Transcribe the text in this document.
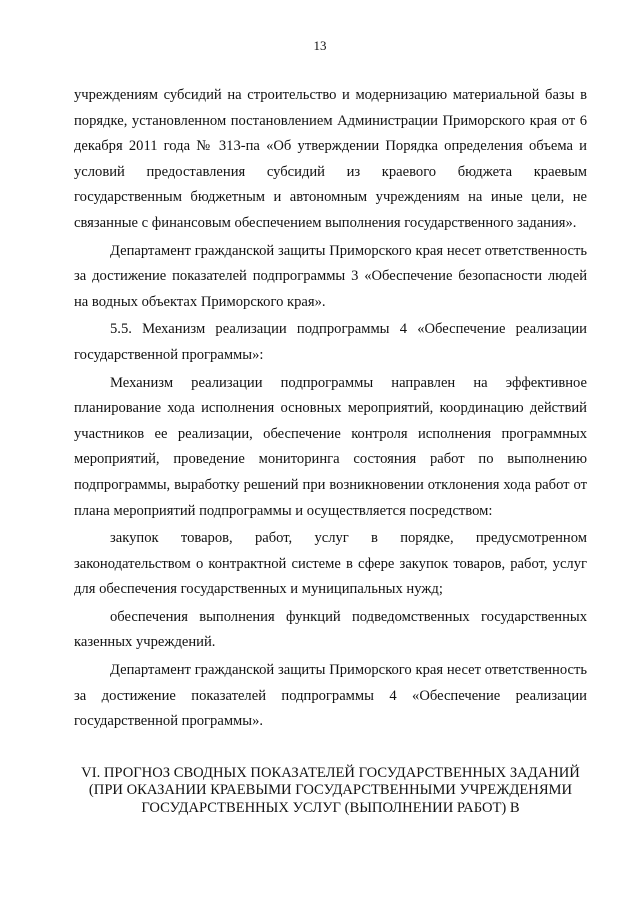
13

учреждениям субсидий на строительство и модернизацию материальной базы в порядке, установленном постановлением Администрации Приморского края от 6 декабря 2011 года № 313-па «Об утверждении Порядка определения объема и условий предоставления субсидий из краевого бюджета краевым государственным бюджетным и автономным учреждениям на иные цели, не связанные с финансовым обеспечением выполнения государственного задания».

Департамент гражданской защиты Приморского края несет ответственность за достижение показателей подпрограммы 3 «Обеспечение безопасности людей на водных объектах Приморского края».

5.5. Механизм реализации подпрограммы 4 «Обеспечение реализации государственной программы»:

Механизм реализации подпрограммы направлен на эффективное планирование хода исполнения основных мероприятий, координацию действий участников ее реализации, обеспечение контроля исполнения программных мероприятий, проведение мониторинга состояния работ по выполнению подпрограммы, выработку решений при возникновении отклонения хода работ от плана мероприятий подпрограммы и осуществляется посредством:

закупок товаров, работ, услуг в порядке, предусмотренном законодательством о контрактной системе в сфере закупок товаров, работ, услуг для обеспечения государственных и муниципальных нужд;

обеспечения выполнения функций подведомственных государственных казенных учреждений.

Департамент гражданской защиты Приморского края несет ответственность за достижение показателей подпрограммы 4 «Обеспечение реализации государственной программы».

VI. ПРОГНОЗ СВОДНЫХ ПОКАЗАТЕЛЕЙ ГОСУДАРСТВЕННЫХ ЗАДАНИЙ (ПРИ ОКАЗАНИИ КРАЕВЫМИ ГОСУДАРСТВЕННЫМИ УЧРЕЖДЕНЯМИ ГОСУДАРСТВЕННЫХ УСЛУГ (ВЫПОЛНЕНИИ РАБОТ) В
